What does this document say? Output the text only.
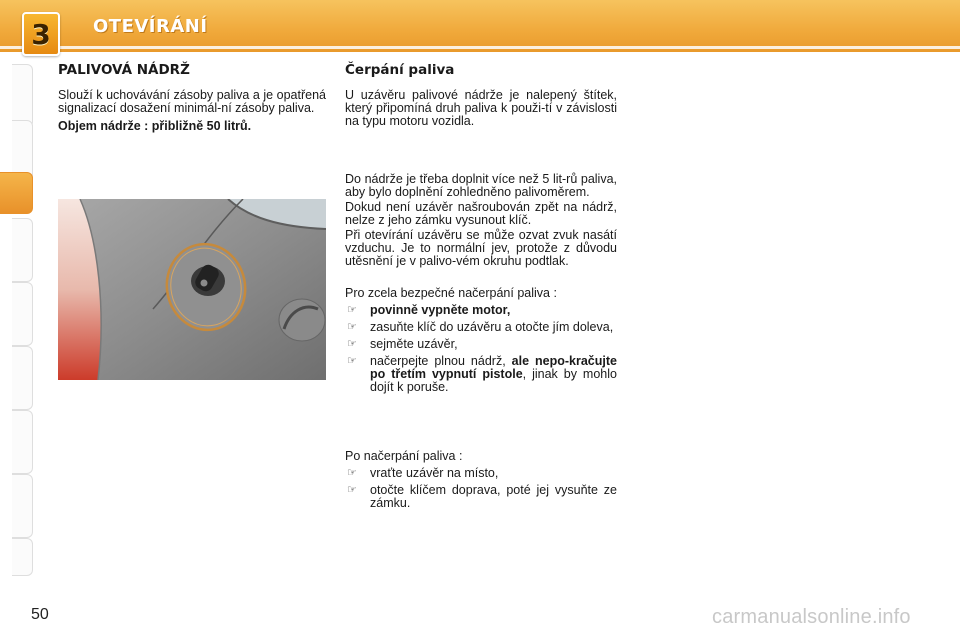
3 OTEVÍRÁNÍ
PALIVOVÁ NÁDRŽ

Slouží k uchovávání zásoby paliva a je opatřená signalizací dosažení minimál-ní zásoby paliva.

Objem nádrže : přibližně 50 litrů.

Čerpání paliva

U uzávěru palivové nádrže je nalepený štítek, který připomíná druh paliva k použi-tí v závislosti na typu motoru vozidla.

Do nádrže je třeba doplnit více než 5 lit-rů paliva, aby bylo doplnění zohledněno palivoměrem.

Dokud není uzávěr našroubován zpět na nádrž, nelze z jeho zámku vysunout klíč.

Při otevírání uzávěru se může ozvat zvuk nasátí vzduchu. Je to normální jev, protože z důvodu utěsnění je v palivo-vém okruhu podtlak.

Pro zcela bezpečné načerpání paliva :

☞ povinně vypněte motor,
☞ zasuňte klíč do uzávěru a otočte jím doleva,
☞ sejměte uzávěr,
☞ načerpejte plnou nádrž, ale nepo-kračujte po třetím vypnutí pistole, jinak by mohlo dojít k poruše.

Po načerpání paliva :

☞ vraťte uzávěr na místo,
☞ otočte klíčem doprava, poté jej vysuňte ze zámku.
50	carmanualsonline.info
